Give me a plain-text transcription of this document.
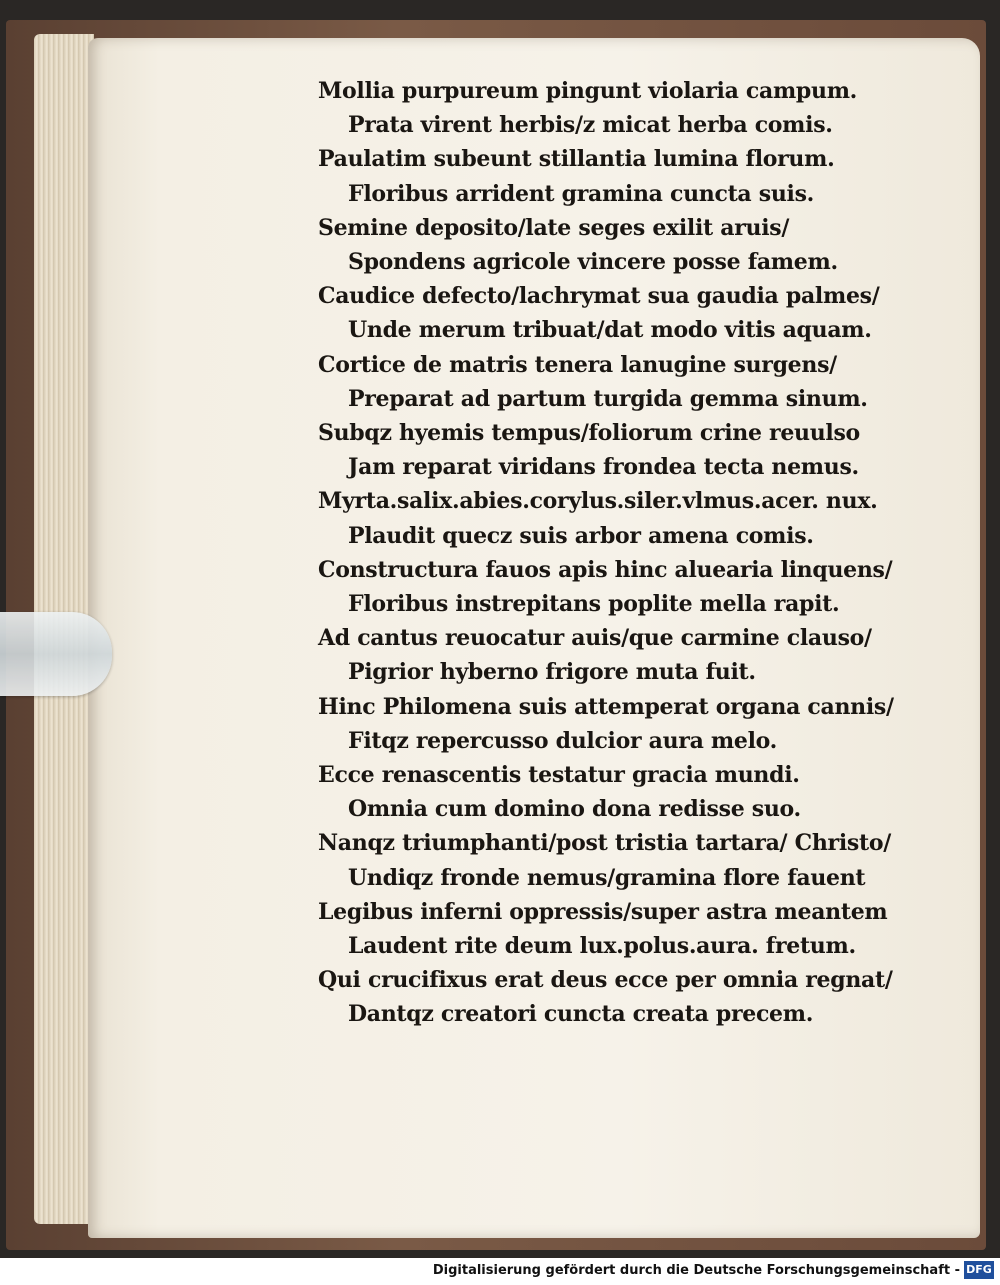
Mollia purpureum pingunt violaria campum.
Prata virent herbis/z micat herba comis.
Paulatim subeunt stillantia lumina florum.
Floribus arrident gramina cuncta suis.
Semine deposito/late seges exilit aruis/
Spondens agricole vincere posse famem.
Caudice defecto/lachrymat sua gaudia palmes/
Unde merum tribuat/dat modo vitis aquam.
Cortice de matris tenera lanugine surgens/
Preparat ad partum turgida gemma sinum.
Subqz hyemis tempus/foliorum crine reuulso
Jam reparat viridans frondea tecta nemus.
Myrta.salix.abies.corylus.siler.vlmus.acer. nux.
Plaudit quecz suis arbor amena comis.
Constructura fauos apis hinc aluearia linquens/
Floribus instrepitans poplite mella rapit.
Ad cantus reuocatur auis/que carmine clauso/
Pigrior hyberno frigore muta fuit.
Hinc Philomena suis attemperat organa cannis/
Fitqz repercusso dulcior aura melo.
Ecce renascentis testatur gracia mundi.
Omnia cum domino dona redisse suo.
Nanqz triumphanti/post tristia tartara/ Christo/
Undiqz fronde nemus/gramina flore fauent
Legibus inferni oppressis/super astra meantem
Laudent rite deum lux.polus.aura. fretum.
Qui crucifixus erat deus ecce per omnia regnat/
Dantqz creatori cuncta creata precem.
Digitalisierung gefördert durch die Deutsche Forschungsgemeinschaft - DFG
